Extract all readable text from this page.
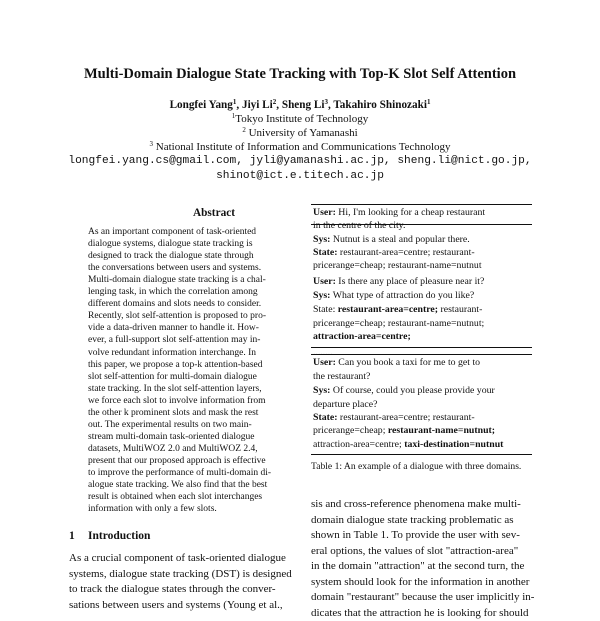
Multi-Domain Dialogue State Tracking with Top-K Slot Self Attention
Longfei Yang$^1$, Jiyi Li$^2$, Sheng Li$^3$, Takahiro Shinozaki$^1$
$^1$Tokyo Institute of Technology
$^2$ University of Yamanashi
$^3$ National Institute of Information and Communications Technology
longfei.yang.cs@gmail.com, jyli@yamanashi.ac.jp, sheng.li@nict.go.jp,
shinot@ict.e.titech.ac.jp
Abstract
As an important component of task-oriented
dialogue systems, dialogue state tracking is
designed to track the dialogue state through
the conversations between users and systems.
Multi-domain dialogue state tracking is a chal-
lenging task, in which the correlation among
different domains and slots needs to consider.
Recently, slot self-attention is proposed to pro-
vide a data-driven manner to handle it. How-
ever, a full-support slot self-attention may in-
volve redundant information interchange. In
this paper, we propose a top-k attention-based
slot self-attention for multi-domain dialogue
state tracking. In the slot self-attention layers,
we force each slot to involve information from
the other k prominent slots and mask the rest
out. The experimental results on two main-
stream multi-domain task-oriented dialogue
datasets, MultiWOZ 2.0 and MultiWOZ 2.4,
present that our proposed approach is effective
to improve the performance of multi-domain di-
alogue state tracking. We also find that the best
result is obtained when each slot interchanges
information with only a few slots.
1 Introduction
As a crucial component of task-oriented dialogue
systems, dialogue state tracking (DST) is designed
to track the dialogue states through the conver-
sations between users and systems (Young et al.,
User: Hi, I'm looking for a cheap restaurant
in the centre of the city.
Sys: Nutnut is a steal and popular there.
State: restaurant-area=centre; restaurant-
pricerange=cheap; restaurant-name=nutnut
User: Is there any place of pleasure near it?
Sys: What type of attraction do you like?
State: restaurant-area=centre; restaurant-
pricerange=cheap; restaurant-name=nutnut;
attraction-area=centre;
........
User: Can you book a taxi for me to get to
the restaurant?
Sys: Of course, could you please provide your
departure place?
State: restaurant-area=centre; restaurant-
pricerange=cheap; restaurant-name=nutnut;
attraction-area=centre; taxi-destination=nutnut
Table 1: An example of a dialogue with three domains.
sis and cross-reference phenomena make multi-
domain dialogue state tracking problematic as
shown in Table 1. To provide the user with sev-
eral options, the values of slot "attraction-area"
in the domain "attraction" at the second turn, the
system should look for the information in another
domain "restaurant" because the user implicitly in-
dicates that the attraction he is looking for should
